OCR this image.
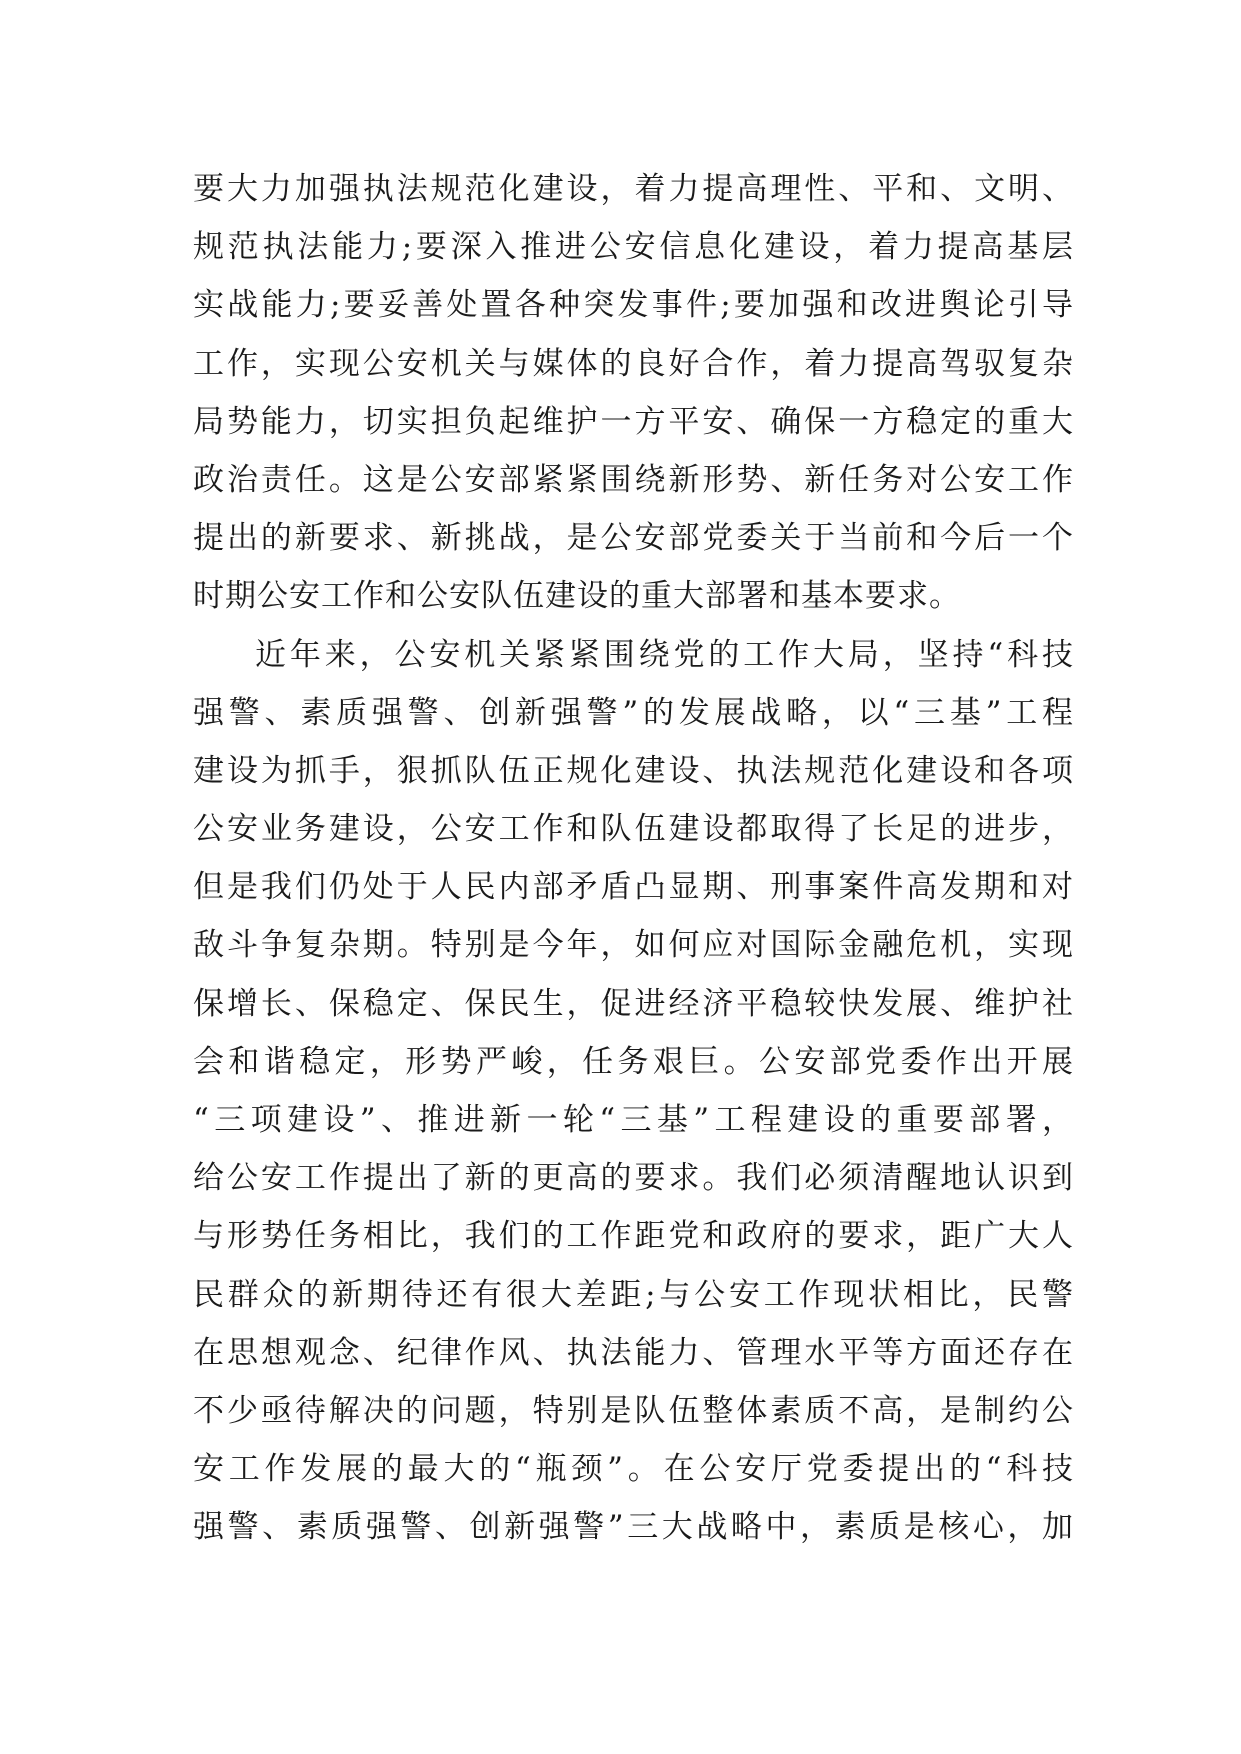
要大力加强执法规范化建设，着力提高理性、平和、文明、
规范执法能力;要深入推进公安信息化建设，着力提高基层
实战能力;要妥善处置各种突发事件;要加强和改进舆论引导
工作，实现公安机关与媒体的良好合作，着力提高驾驭复杂
局势能力，切实担负起维护一方平安、确保一方稳定的重大
政治责任。这是公安部紧紧围绕新形势、新任务对公安工作
提出的新要求、新挑战，是公安部党委关于当前和今后一个
时期公安工作和公安队伍建设的重大部署和基本要求。
近年来，公安机关紧紧围绕党的工作大局，坚持“科技
强警、素质强警、创新强警”的发展战略，以“三基”工程
建设为抓手，狠抓队伍正规化建设、执法规范化建设和各项
公安业务建设，公安工作和队伍建设都取得了长足的进步，
但是我们仍处于人民内部矛盾凸显期、刑事案件高发期和对
敌斗争复杂期。特别是今年，如何应对国际金融危机，实现
保增长、保稳定、保民生，促进经济平稳较快发展、维护社
会和谐稳定，形势严峻，任务艰巨。公安部党委作出开展
“三项建设”、推进新一轮“三基”工程建设的重要部署，
给公安工作提出了新的更高的要求。我们必须清醒地认识到
与形势任务相比，我们的工作距党和政府的要求，距广大人
民群众的新期待还有很大差距;与公安工作现状相比，民警
在思想观念、纪律作风、执法能力、管理水平等方面还存在
不少亟待解决的问题，特别是队伍整体素质不高，是制约公
安工作发展的最大的“瓶颈”。在公安厅党委提出的“科技
强警、素质强警、创新强警”三大战略中，素质是核心，加
